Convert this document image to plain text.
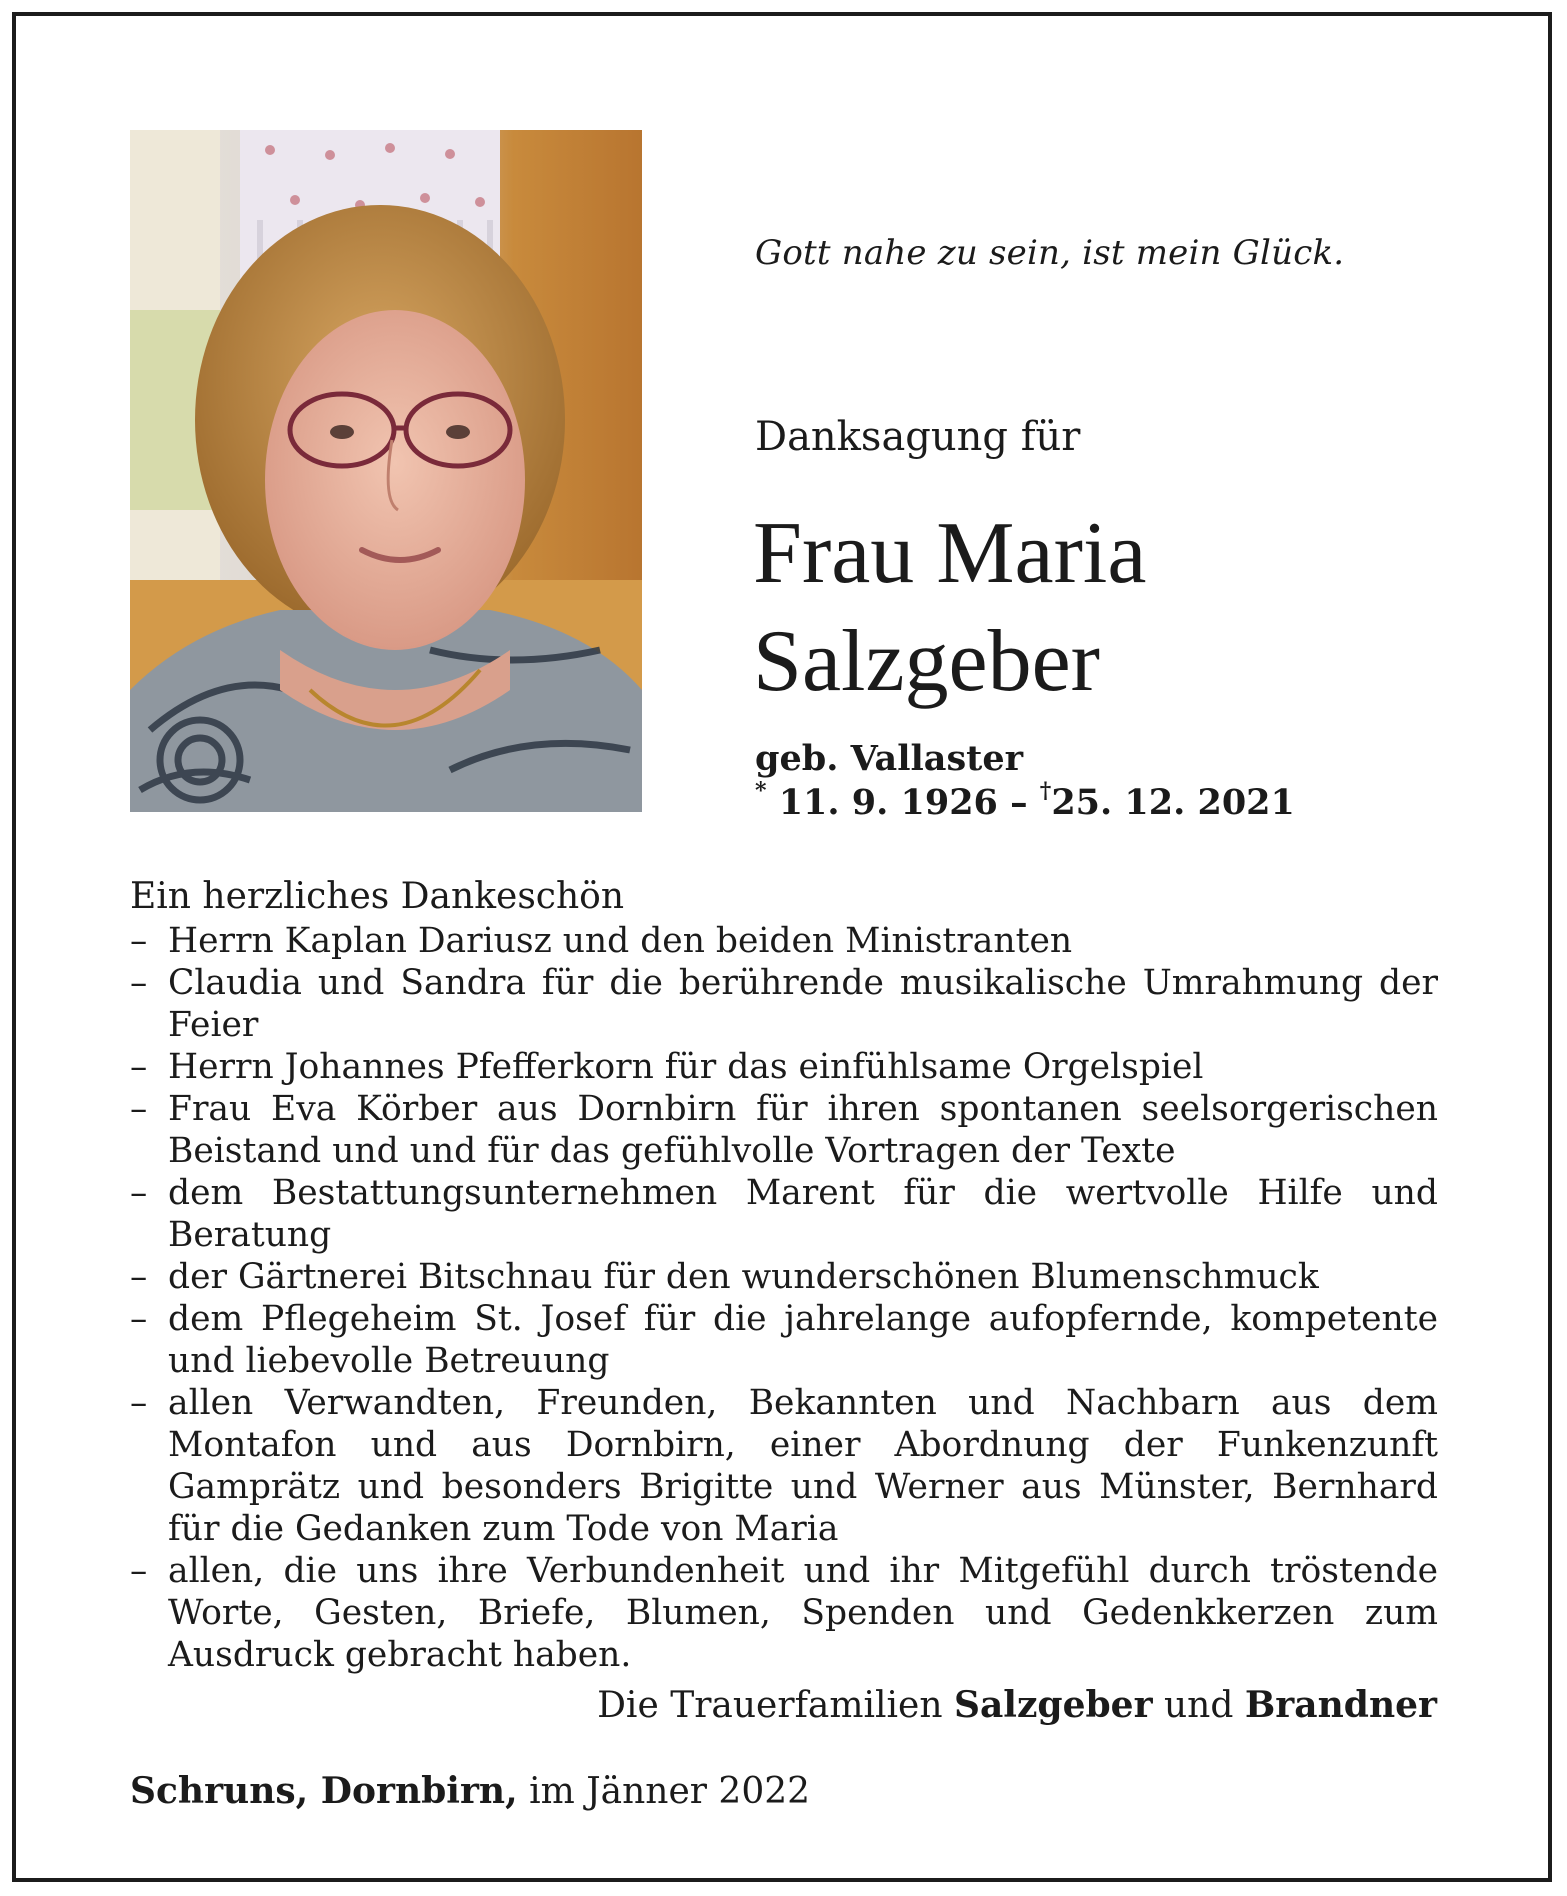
Gott nahe zu sein, ist mein Glück.
Danksagung für
Frau Maria
Salzgeber
geb. Vallaster
* 11. 9. 1926 – †25. 12. 2021
Ein herzliches Dankeschön
– Herrn Kaplan Dariusz und den beiden Ministranten
– Claudia und Sandra für die berührende musikalische Umrahmung der Feier
– Herrn Johannes Pfefferkorn für das einfühlsame Orgelspiel
– Frau Eva Körber aus Dornbirn für ihren spontanen seelsorgerischen Beistand und und für das gefühlvolle Vortragen der Texte
– dem Bestattungsunternehmen Marent für die wertvolle Hilfe und Beratung
– der Gärtnerei Bitschnau für den wunderschönen Blumenschmuck
– dem Pflegeheim St. Josef für die jahrelange aufopfernde, kompetente und liebevolle Betreuung
– allen Verwandten, Freunden, Bekannten und Nachbarn aus dem Montafon und aus Dornbirn, einer Abordnung der Funkenzunft Gamprätz und besonders Brigitte und Werner aus Münster, Bernhard für die Gedanken zum Tode von Maria
– allen, die uns ihre Verbundenheit und ihr Mitgefühl durch tröstende Worte, Gesten, Briefe, Blumen, Spenden und Gedenkkerzen zum Ausdruck gebracht haben.
Die Trauerfamilien Salzgeber und Brandner
Schruns, Dornbirn, im Jänner 2022
